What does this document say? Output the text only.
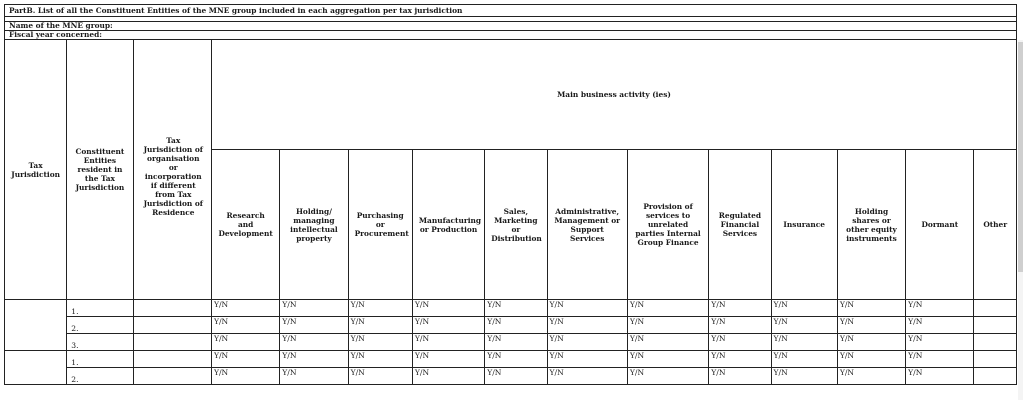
PartB. List of all the Constituent Entities of the MNE group included in each aggregation per tax jurisdiction														

Name of the MNE group:														
Fiscal year concerned:														
Tax Jurisdiction	Constituent Entities resident in the Tax Jurisdiction	Tax Jurisdiction of organisation or incorporation if different from Tax Jurisdiction of Residence	Main business activity (ies)											
			Research and Development	Holding/ managing intellectual property	Purchasing or Procurement	Manufacturing or Production	Sales, Marketing or Distribution	Administrative, Management or Support Services	Provision of services to unrelated parties Internal Group Finance	Regulated Financial Services	Insurance	Holding shares or other equity instruments	Dormant	Other
	1.		Y/N	Y/N	Y/N	Y/N	Y/N	Y/N	Y/N	Y/N	Y/N	Y/N	Y/N	
	2.		Y/N	Y/N	Y/N	Y/N	Y/N	Y/N	Y/N	Y/N	Y/N	Y/N	Y/N	
	3.		Y/N	Y/N	Y/N	Y/N	Y/N	Y/N	Y/N	Y/N	Y/N	Y/N	Y/N	
	1.		Y/N	Y/N	Y/N	Y/N	Y/N	Y/N	Y/N	Y/N	Y/N	Y/N	Y/N	
	2.		Y/N	Y/N	Y/N	Y/N	Y/N	Y/N	Y/N	Y/N	Y/N	Y/N	Y/N	
